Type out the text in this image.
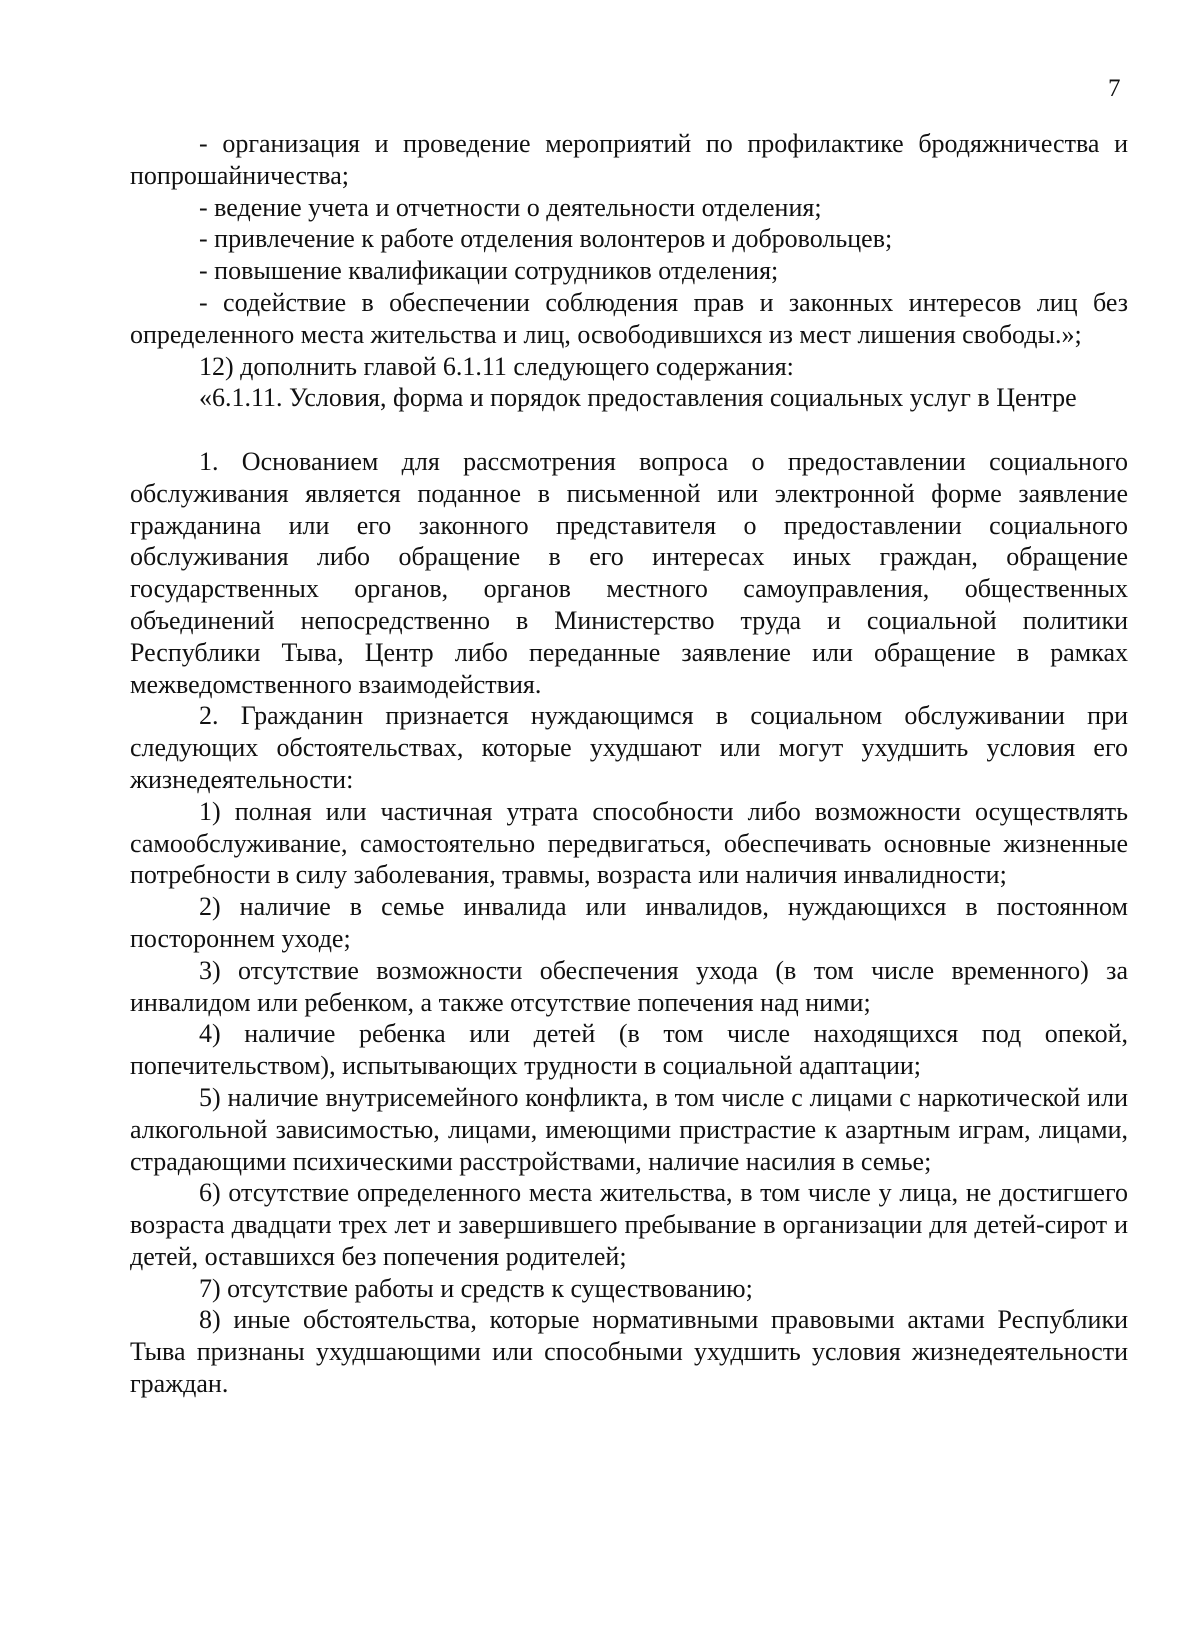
7

- организация и проведение мероприятий по профилактике бродяжничества и попрошайничества;

- ведение учета и отчетности о деятельности отделения;

- привлечение к работе отделения волонтеров и добровольцев;

- повышение квалификации сотрудников отделения;

- содействие в обеспечении соблюдения прав и законных интересов лиц без определенного места жительства и лиц, освободившихся из мест лишения свободы.»;

12) дополнить главой 6.1.11 следующего содержания:

«6.1.11. Условия, форма и порядок предоставления социальных услуг в Центре

1. Основанием для рассмотрения вопроса о предоставлении социального обслуживания является поданное в письменной или электронной форме заявление гражданина или его законного представителя о предоставлении социального обслуживания либо обращение в его интересах иных граждан, обращение государственных органов, органов местного самоуправления, общественных объединений непосредственно в Министерство труда и социальной политики Республики Тыва, Центр либо переданные заявление или обращение в рамках межведомственного взаимодействия.

2. Гражданин признается нуждающимся в социальном обслуживании при следующих обстоятельствах, которые ухудшают или могут ухудшить условия его жизнедеятельности:

1) полная или частичная утрата способности либо возможности осуществлять самообслуживание, самостоятельно передвигаться, обеспечивать основные жизненные потребности в силу заболевания, травмы, возраста или наличия инвалидности;

2) наличие в семье инвалида или инвалидов, нуждающихся в постоянном постороннем уходе;

3) отсутствие возможности обеспечения ухода (в том числе временного) за инвалидом или ребенком, а также отсутствие попечения над ними;

4) наличие ребенка или детей (в том числе находящихся под опекой, попечительством), испытывающих трудности в социальной адаптации;

5) наличие внутрисемейного конфликта, в том числе с лицами с наркотической или алкогольной зависимостью, лицами, имеющими пристрастие к азартным играм, лицами, страдающими психическими расстройствами, наличие насилия в семье;

6) отсутствие определенного места жительства, в том числе у лица, не достигшего возраста двадцати трех лет и завершившего пребывание в организации для детей-сирот и детей, оставшихся без попечения родителей;

7) отсутствие работы и средств к существованию;

8) иные обстоятельства, которые нормативными правовыми актами Республики Тыва признаны ухудшающими или способными ухудшить условия жизнедеятельности граждан.
